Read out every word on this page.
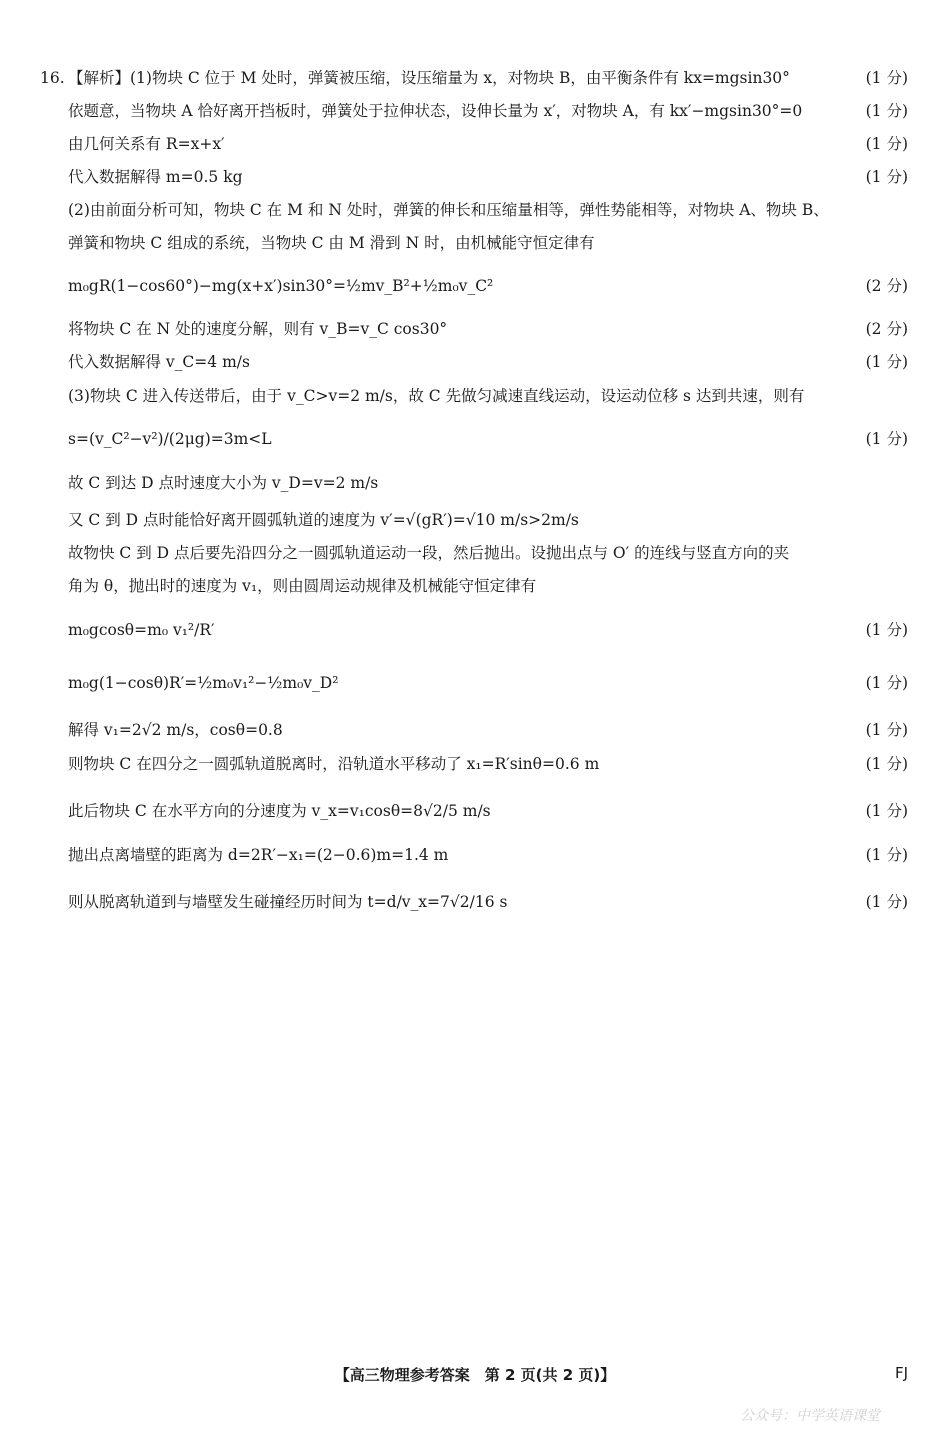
16. 【解析】(1)物块 C 位于 M 处时，弹簧被压缩，设压缩量为 x，对物块 B，由平衡条件有 kx=mgsin30°	(1 分)
依题意，当物块 A 恰好离开挡板时，弹簧处于拉伸状态，设伸长量为 x′，对物块 A，有 kx′−mgsin30°=0	(1 分)
由几何关系有 R=x+x′	(1 分)
代入数据解得 m=0.5 kg	(1 分)
(2)由前面分析可知，物块 C 在 M 和 N 处时，弹簧的伸长和压缩量相等，弹性势能相等，对物块 A、物块 B、
弹簧和物块 C 组成的系统，当物块 C 由 M 滑到 N 时，由机械能守恒定律有
m₀gR(1−cos60°)−mg(x+x′)sin30°=½mv_B²+½m₀v_C²	(2 分)
将物块 C 在 N 处的速度分解，则有 v_B=v_C cos30°	(2 分)
代入数据解得 v_C=4 m/s	(1 分)
(3)物块 C 进入传送带后，由于 v_C>v=2 m/s，故 C 先做匀减速直线运动，设运动位移 s 达到共速，则有
s=(v_C²−v²)/(2μg)=3m<L	(1 分)
故 C 到达 D 点时速度大小为 v_D=v=2 m/s
又 C 到 D 点时能恰好离开圆弧轨道的速度为 v′=√(gR′)=√10 m/s>2m/s
故物快 C 到 D 点后要先沿四分之一圆弧轨道运动一段，然后抛出。设抛出点与 O′ 的连线与竖直方向的夹
角为 θ，抛出时的速度为 v₁，则由圆周运动规律及机械能守恒定律有
m₀gcosθ=m₀ v₁²/R′	(1 分)
m₀g(1−cosθ)R′=½m₀v₁²−½m₀v_D²	(1 分)
解得 v₁=2√2 m/s，cosθ=0.8	(1 分)
则物块 C 在四分之一圆弧轨道脱离时，沿轨道水平移动了 x₁=R′sinθ=0.6 m	(1 分)
此后物块 C 在水平方向的分速度为 v_x=v₁cosθ=8√2/5 m/s	(1 分)
抛出点离墙壁的距离为 d=2R′−x₁=(2−0.6)m=1.4 m	(1 分)
则从脱离轨道到与墙壁发生碰撞经历时间为 t=d/v_x=7√2/16 s	(1 分)
【高三物理参考答案　第 2 页(共 2 页)】	FJ
公众号：中学英语课堂
